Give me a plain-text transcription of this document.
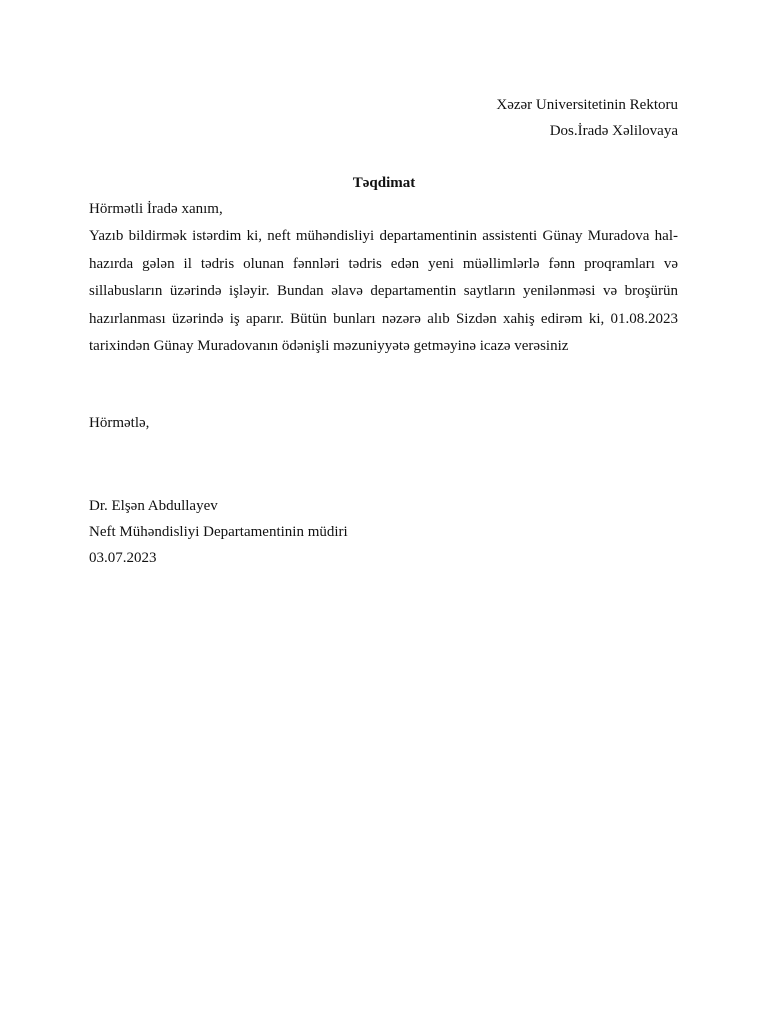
Xəzər Universitetinin Rektoru
Dos.İradə Xəlilovaya
Təqdimat
Hörmətli İradə xanım,
Yazıb bildirmək istərdim ki, neft mühəndisliyi departamentinin assistenti Günay Muradova hal-
hazırda gələn il tədris olunan fənnləri tədris edən yeni müəllimlərlə fənn proqramları və
sillabusların üzərində işləyir. Bundan əlavə departamentin saytların yenilənməsi və broşürün
hazırlanması üzərində iş aparır. Bütün bunları nəzərə alıb Sizdən xahiş edirəm ki, 01.08.2023
tarixindən Günay Muradovanın ödənişli məzuniyyətə getməyinə icazə verəsiniz
Hörmətlə,
Dr. Elşən Abdullayev
Neft Mühəndisliyi Departamentinin müdiri
03.07.2023
